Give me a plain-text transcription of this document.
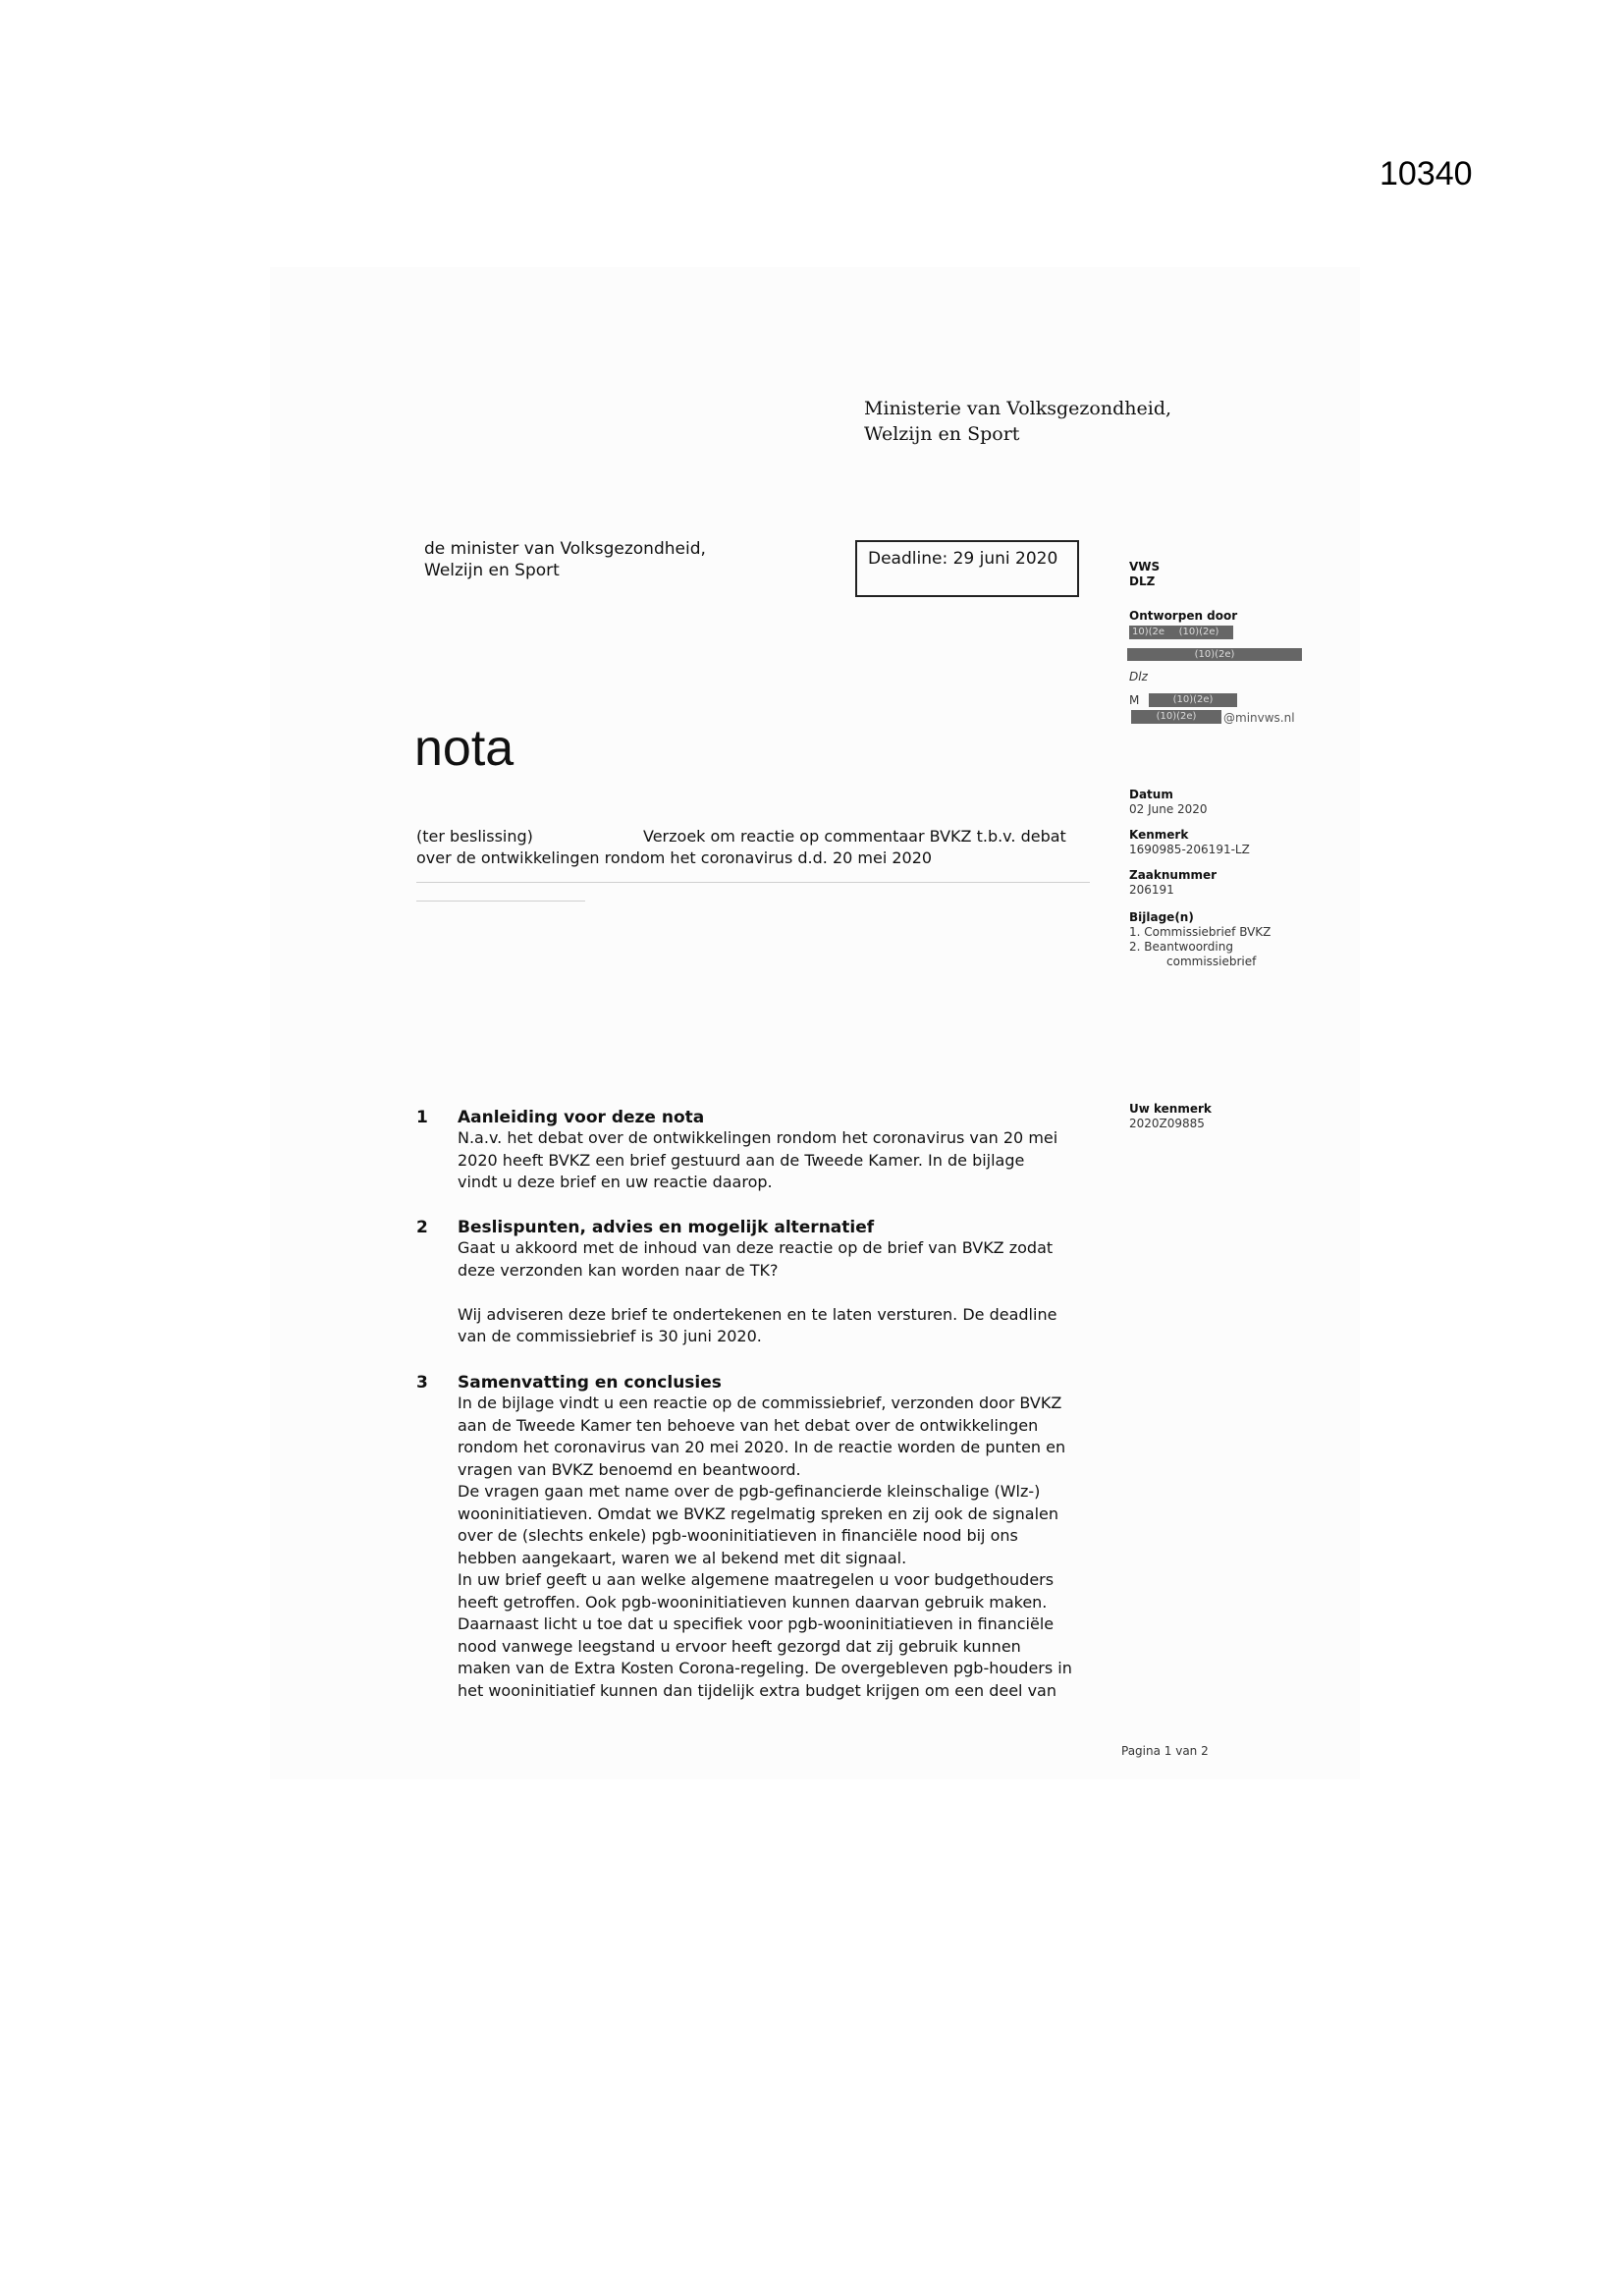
10340
Ministerie van Volksgezondheid,
Welzijn en Sport
de minister van Volksgezondheid,
Welzijn en Sport
Deadline: 29 juni 2020
nota
(ter beslissing)	Verzoek om reactie op commentaar BVKZ t.b.v. debat
over de ontwikkelingen rondom het coronavirus d.d. 20 mei 2020
VWS
DLZ
Ontworpen door
10)(2e (10)(2e)
(10)(2e)
Dlz
M	(10)(2e)
(10)(2e)	@minvws.nl
Datum
02 June 2020
Kenmerk
1690985-206191-LZ
Zaaknummer
206191
Bijlage(n)
1. Commissiebrief BVKZ
2. Beantwoording
commissiebrief
Uw kenmerk
2020Z09885
1 Aanleiding voor deze nota
N.a.v. het debat over de ontwikkelingen rondom het coronavirus van 20 mei
2020 heeft BVKZ een brief gestuurd aan de Tweede Kamer. In de bijlage
vindt u deze brief en uw reactie daarop.
2 Beslispunten, advies en mogelijk alternatief
Gaat u akkoord met de inhoud van deze reactie op de brief van BVKZ zodat
deze verzonden kan worden naar de TK?
Wij adviseren deze brief te ondertekenen en te laten versturen. De deadline
van de commissiebrief is 30 juni 2020.
3 Samenvatting en conclusies
In de bijlage vindt u een reactie op de commissiebrief, verzonden door BVKZ
aan de Tweede Kamer ten behoeve van het debat over de ontwikkelingen
rondom het coronavirus van 20 mei 2020. In de reactie worden de punten en
vragen van BVKZ benoemd en beantwoord.
De vragen gaan met name over de pgb-gefinancierde kleinschalige (Wlz-)
wooninitiatieven. Omdat we BVKZ regelmatig spreken en zij ook de signalen
over de (slechts enkele) pgb-wooninitiatieven in financiële nood bij ons
hebben aangekaart, waren we al bekend met dit signaal.
In uw brief geeft u aan welke algemene maatregelen u voor budgethouders
heeft getroffen. Ook pgb-wooninitiatieven kunnen daarvan gebruik maken.
Daarnaast licht u toe dat u specifiek voor pgb-wooninitiatieven in financiële
nood vanwege leegstand u ervoor heeft gezorgd dat zij gebruik kunnen
maken van de Extra Kosten Corona-regeling. De overgebleven pgb-houders in
het wooninitiatief kunnen dan tijdelijk extra budget krijgen om een deel van
Pagina 1 van 2
